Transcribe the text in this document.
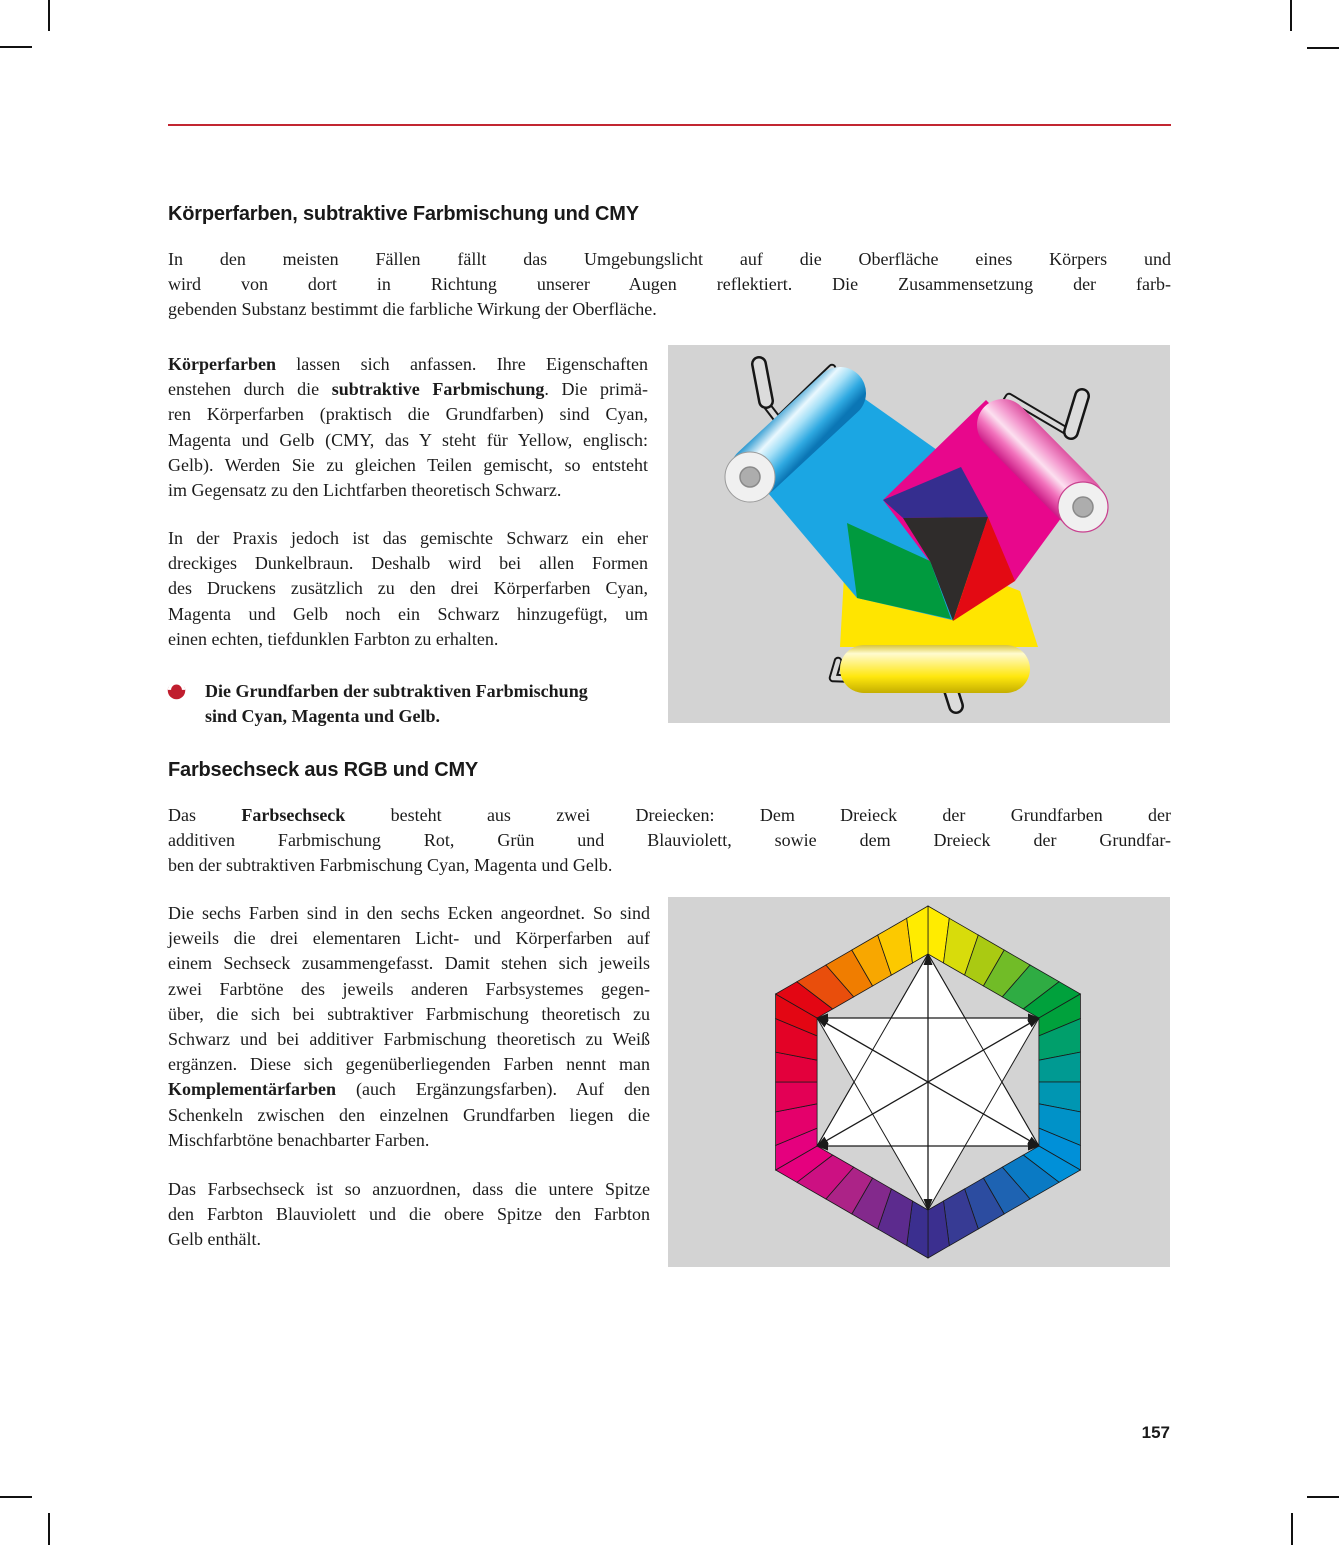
Körperfarben, subtraktive Farbmischung und CMY
In den meisten Fällen fällt das Umgebungslicht auf die Oberfläche eines Körpers und
wird von dort in Richtung unserer Augen reflektiert. Die Zusammensetzung der farb-
gebenden Substanz bestimmt die farbliche Wirkung der Oberfläche.
Körperfarben lassen sich anfassen. Ihre Eigenschaften
enstehen durch die subtraktive Farbmischung. Die primä-
ren Körperfarben (praktisch die Grundfarben) sind Cyan,
Magenta und Gelb (CMY, das Y steht für Yellow, englisch:
Gelb). Werden Sie zu gleichen Teilen gemischt, so entsteht
im Gegensatz zu den Lichtfarben theoretisch Schwarz.
In der Praxis jedoch ist das gemischte Schwarz ein eher
dreckiges Dunkelbraun. Deshalb wird bei allen Formen
des Druckens zusätzlich zu den drei Körperfarben Cyan,
Magenta und Gelb noch ein Schwarz hinzugefügt, um
einen echten, tiefdunklen Farbton zu erhalten.
Die Grundfarben der subtraktiven Farbmischung
sind Cyan, Magenta und Gelb.
Farbsechseck aus RGB und CMY
Das Farbsechseck besteht aus zwei Dreiecken: Dem Dreieck der Grundfarben der
additiven Farbmischung Rot, Grün und Blauviolett, sowie dem Dreieck der Grundfar-
ben der subtraktiven Farbmischung Cyan, Magenta und Gelb.
Die sechs Farben sind in den sechs Ecken angeordnet. So sind
jeweils die drei elementaren Licht- und Körperfarben auf
einem Sechseck zusammengefasst. Damit stehen sich jeweils
zwei Farbtöne des jeweils anderen Farbsystemes gegen-
über, die sich bei subtraktiver Farbmischung theoretisch zu
Schwarz und bei additiver Farbmischung theoretisch zu Weiß
ergänzen. Diese sich gegenüberliegenden Farben nennt man
Komplementärfarben (auch Ergänzungsfarben). Auf den
Schenkeln zwischen den einzelnen Grundfarben liegen die
Mischfarbtöne benachbarter Farben.
Das Farbsechseck ist so anzuordnen, dass die untere Spitze
den Farbton Blauviolett und die obere Spitze den Farbton
Gelb enthält.
157
